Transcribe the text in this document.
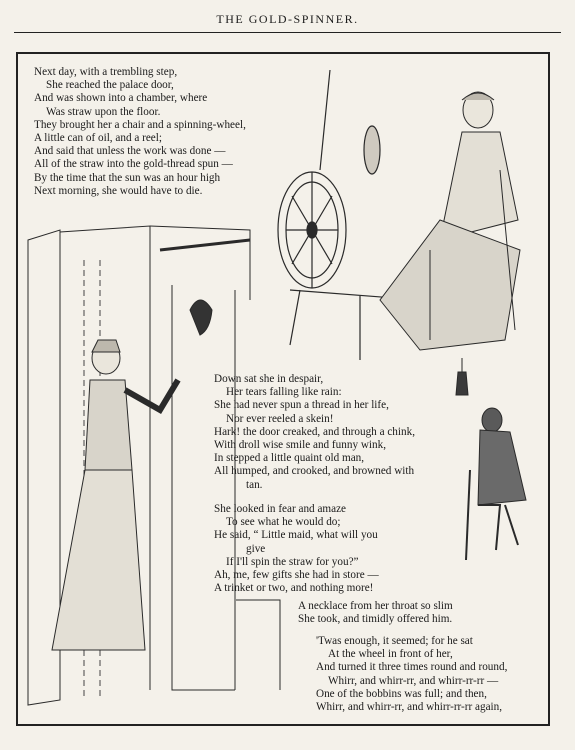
THE GOLD-SPINNER.
Next day, with a trembling step,
She reached the palace door,
And was shown into a chamber, where
Was straw upon the floor.
They brought her a chair and a spinning-wheel,
A little can of oil, and a reel;
And said that unless the work was done —
All of the straw into the gold-thread spun —
By the time that the sun was an hour high
Next morning, she would have to die.
Down sat she in despair,
Her tears falling like rain:
She had never spun a thread in her life,
Nor ever reeled a skein!
Hark! the door creaked, and through a chink,
With droll wise smile and funny wink,
In stepped a little quaint old man,
All humped, and crooked, and browned with
tan.
She looked in fear and amaze
To see what he would do;
He said, “ Little maid, what will you
give
If I'll spin the straw for you?”
Ah, me, few gifts she had in store —
A trinket or two, and nothing more!
A necklace from her throat so slim
She took, and timidly offered him.
'Twas enough, it seemed; for he sat
At the wheel in front of her,
And turned it three times round and round,
Whirr, and whirr-rr, and whirr-rr-rr —
One of the bobbins was full; and then,
Whirr, and whirr-rr, and whirr-rr-rr again,
